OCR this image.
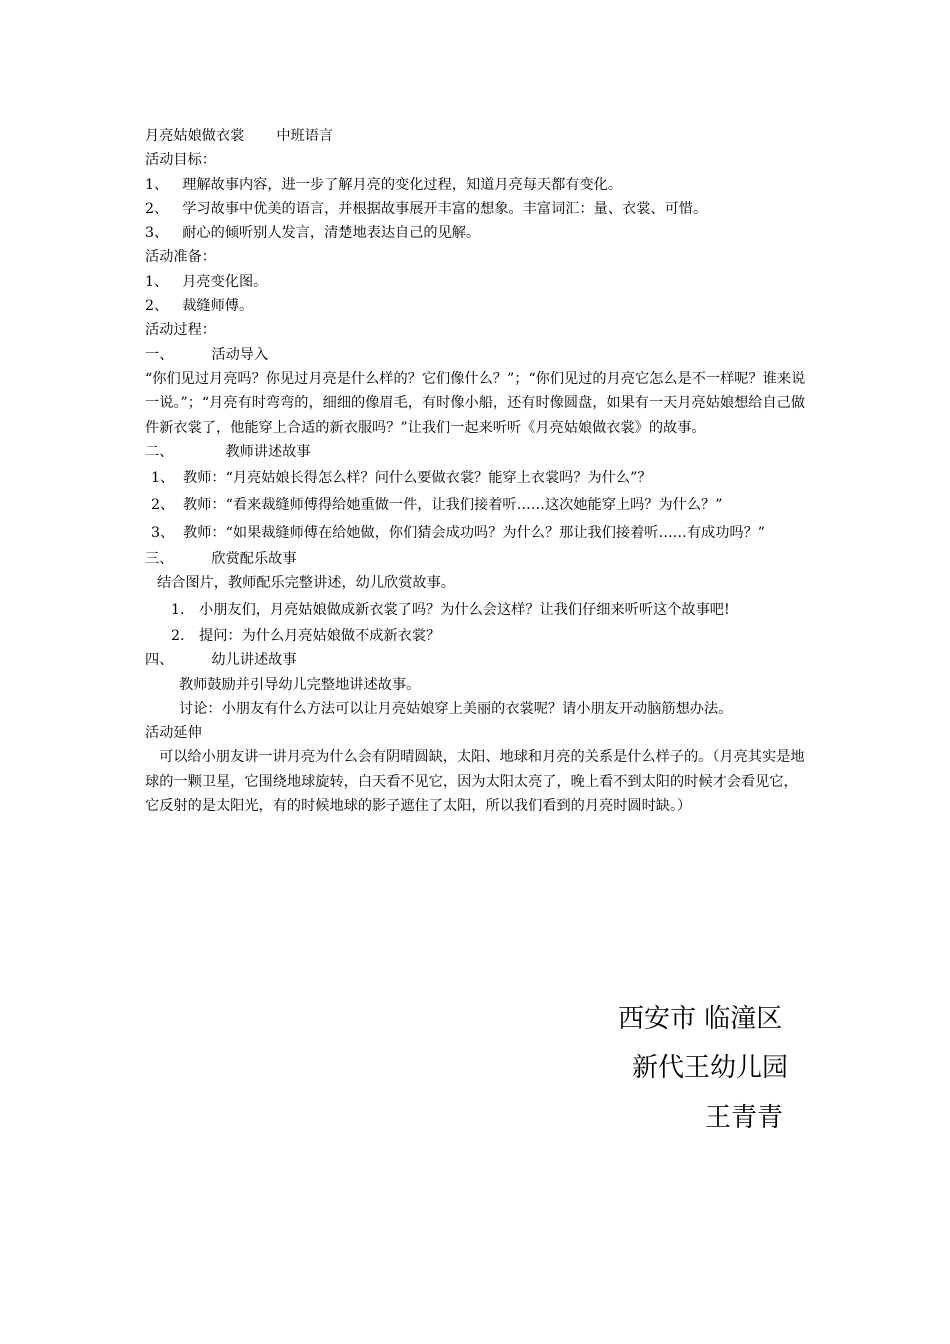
月亮姑娘做衣裳 中班语言
活动目标：
1、 理解故事内容，进一步了解月亮的变化过程，知道月亮每天都有变化。
2、 学习故事中优美的语言，并根据故事展开丰富的想象。丰富词汇：量、衣裳、可惜。
3、 耐心的倾听别人发言，清楚地表达自己的见解。
活动准备：
1、 月亮变化图。
2、 裁缝师傅。
活动过程：
一、	活动导入
“你们见过月亮吗？你见过月亮是什么样的？它们像什么？”；“你们见过的月亮它怎么是不一样呢？谁来说一说。”；“月亮有时弯弯的，细细的像眉毛，有时像小船，还有时像圆盘，如果有一天月亮姑娘想给自己做件新衣裳了，他能穿上合适的新衣服吗？”让我们一起来听听《月亮姑娘做衣裳》的故事。
二、	教师讲述故事
1、 教师：“月亮姑娘长得怎么样？问什么要做衣裳？能穿上衣裳吗？为什么”？
2、 教师：“看来裁缝师傅得给她重做一件，让我们接着听……这次她能穿上吗？为什么？”
3、 教师：“如果裁缝师傅在给她做，你们猜会成功吗？为什么？那让我们接着听……有成功吗？”
三、	欣赏配乐故事
结合图片，教师配乐完整讲述，幼儿欣赏故事。
1.	小朋友们，月亮姑娘做成新衣裳了吗？为什么会这样？让我们仔细来听听这个故事吧!
2.	提问：为什么月亮姑娘做不成新衣裳？
四、	幼儿讲述故事
教师鼓励并引导幼儿完整地讲述故事。
讨论：小朋友有什么方法可以让月亮姑娘穿上美丽的衣裳呢？请小朋友开动脑筋想办法。
活动延伸
可以给小朋友讲一讲月亮为什么会有阴晴圆缺，太阳、地球和月亮的关系是什么样子的。（月亮其实是地球的一颗卫星，它围绕地球旋转，白天看不见它，因为太阳太亮了，晚上看不到太阳的时候才会看见它，它反射的是太阳光，有的时候地球的影子遮住了太阳，所以我们看到的月亮时圆时缺。）
西安市 临潼区
新代王幼儿园
王青青
